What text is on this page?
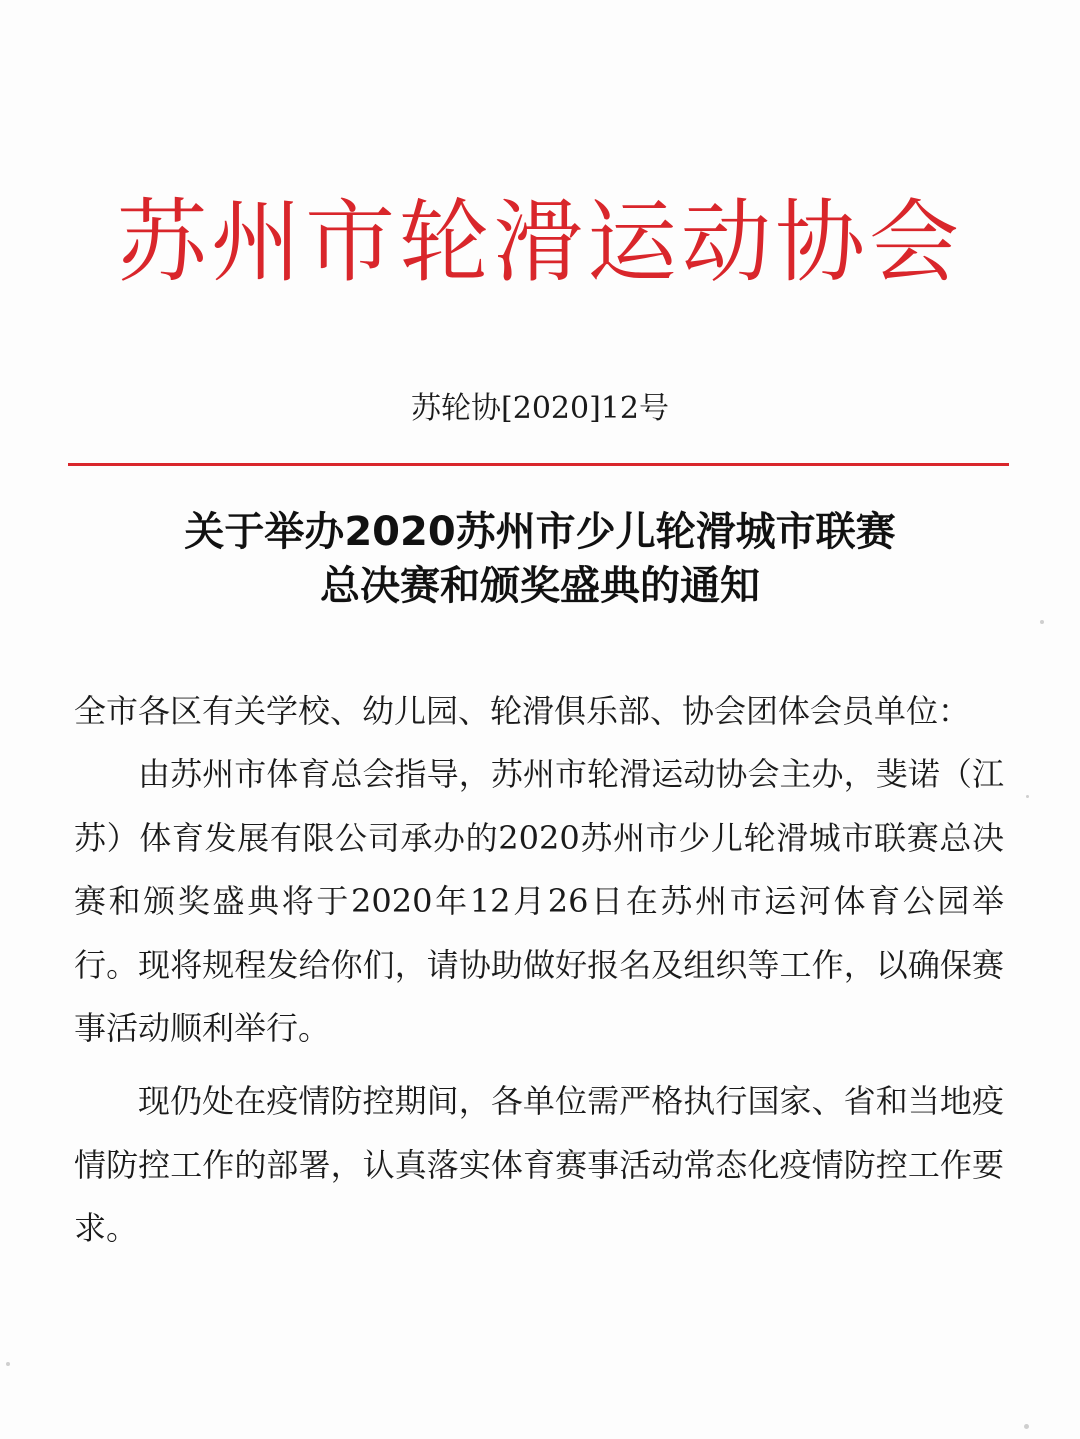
苏州市轮滑运动协会
苏轮协[2020]12号
关于举办2020苏州市少儿轮滑城市联赛
总决赛和颁奖盛典的通知
全市各区有关学校、幼儿园、轮滑俱乐部、协会团体会员单位：
由苏州市体育总会指导，苏州市轮滑运动协会主办，斐诺（江苏）体育发展有限公司承办的2020苏州市少儿轮滑城市联赛总决赛和颁奖盛典将于2020年12月26日在苏州市运河体育公园举行。现将规程发给你们，请协助做好报名及组织等工作，以确保赛事活动顺利举行。
现仍处在疫情防控期间，各单位需严格执行国家、省和当地疫情防控工作的部署，认真落实体育赛事活动常态化疫情防控工作要求。
